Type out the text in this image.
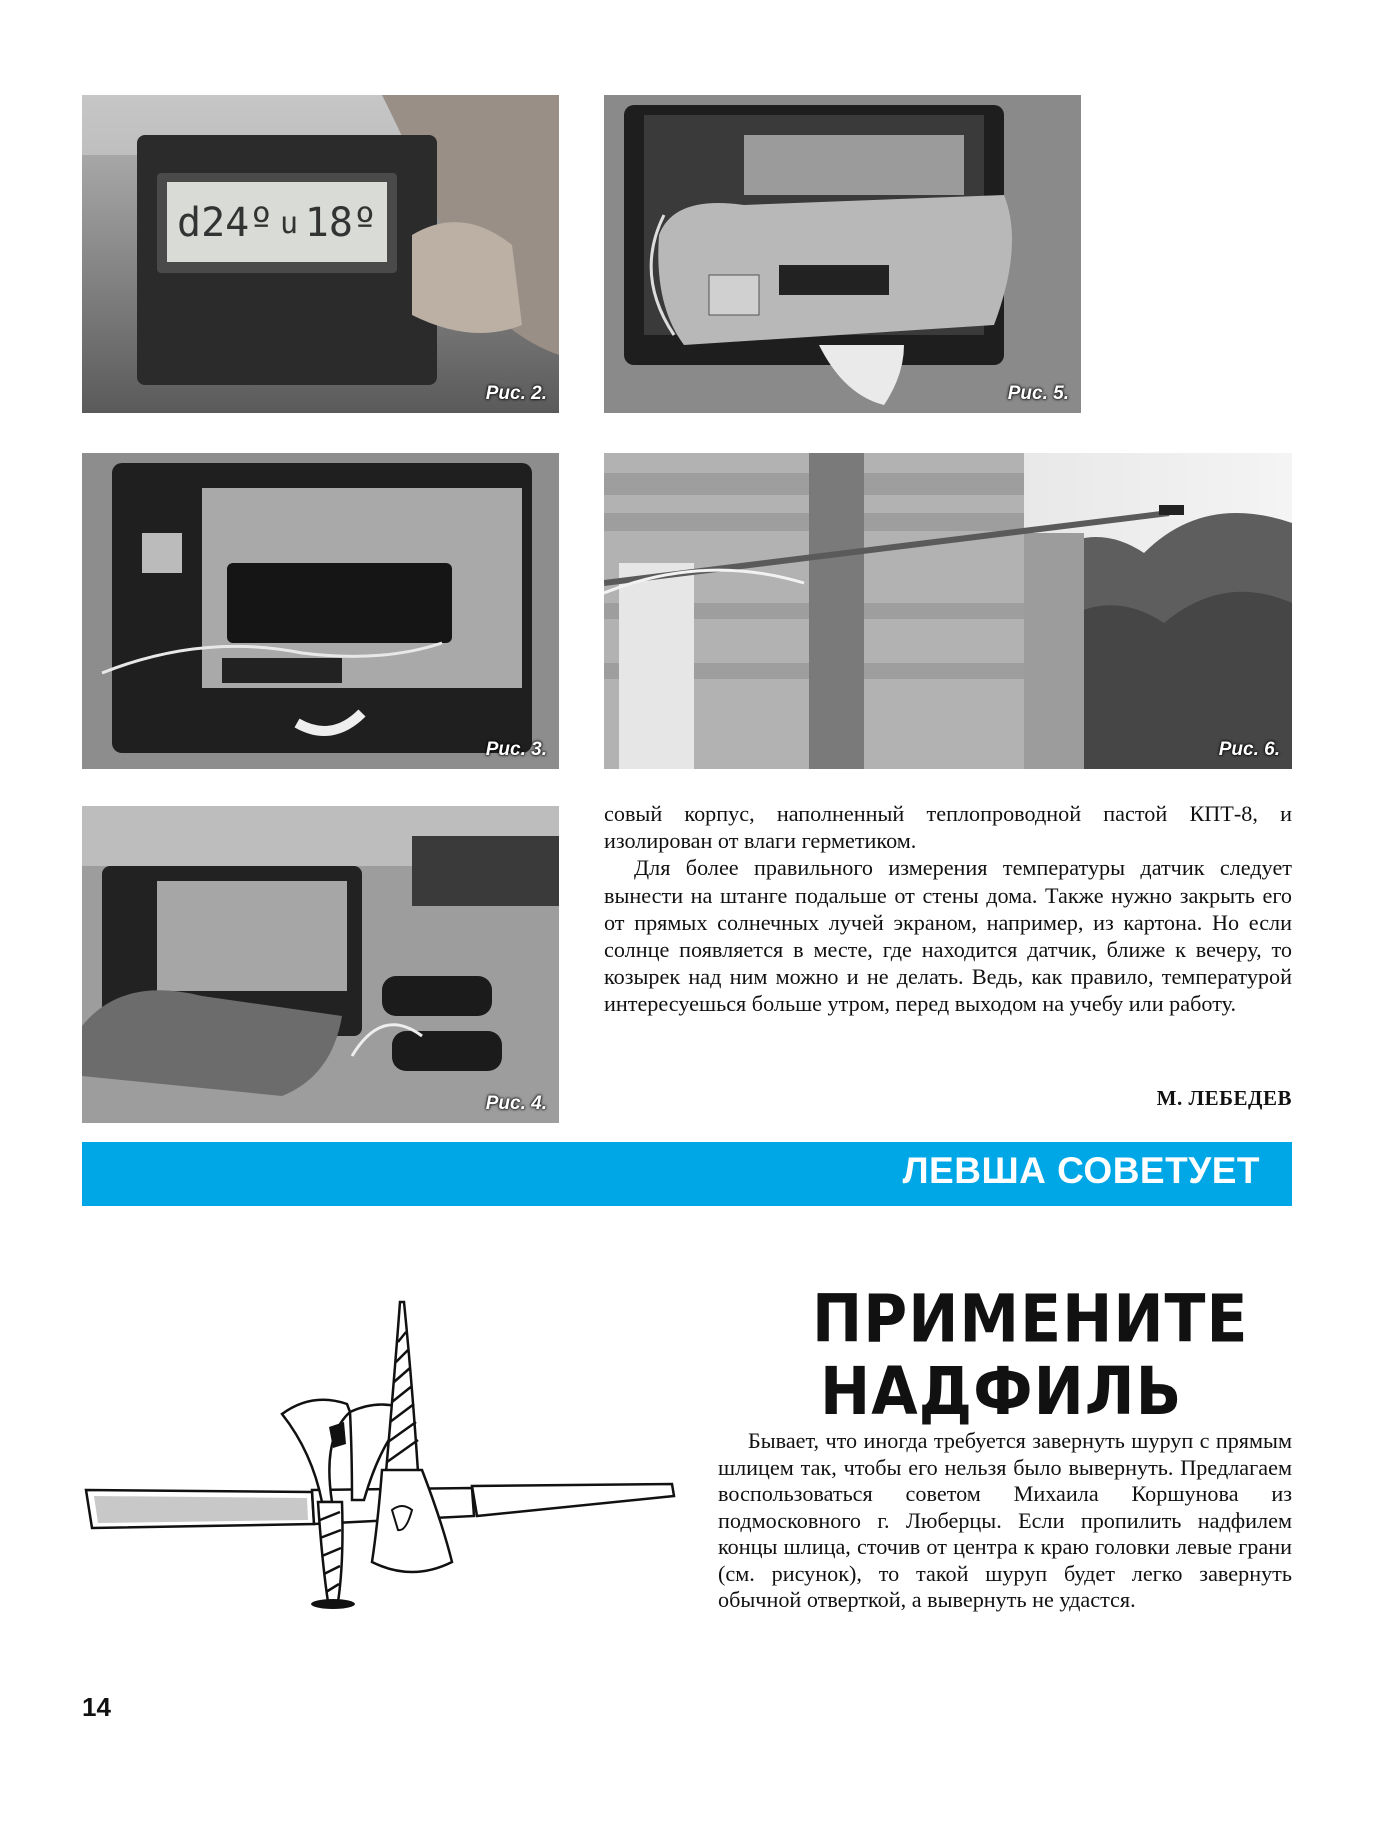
d24º u 18º
Рис. 2.	Рис. 5.
Рис. 3.	Рис. 6.
Рис. 4.

совый корпус, наполненный теплопроводной пастой КПТ-8, и изолирован от влаги герметиком.

Для более правильного измерения температуры датчик следует вынести на штанге подальше от стены дома. Также нужно закрыть его от прямых солнечных лучей экраном, например, из картона. Но если солнце появляется в месте, где находится датчик, ближе к вечеру, то козырек над ним можно и не делать. Ведь, как правило, температурой интересуешься больше утром, перед выходом на учебу или работу.

М. ЛЕБЕДЕВ
ЛЕВША СОВЕТУЕТ
ПРИМЕНИТЕ
НАДФИЛЬ

Бывает, что иногда требуется завернуть шуруп с прямым шлицем так, чтобы его нельзя было вывернуть. Предлагаем воспользоваться советом Михаила Коршунова из подмосковного г. Люберцы. Если пропилить надфилем концы шлица, сточив от центра к краю головки левые грани (см. рисунок), то такой шуруп будет легко завернуть обычной отверткой, а вывернуть не удастся.

14
